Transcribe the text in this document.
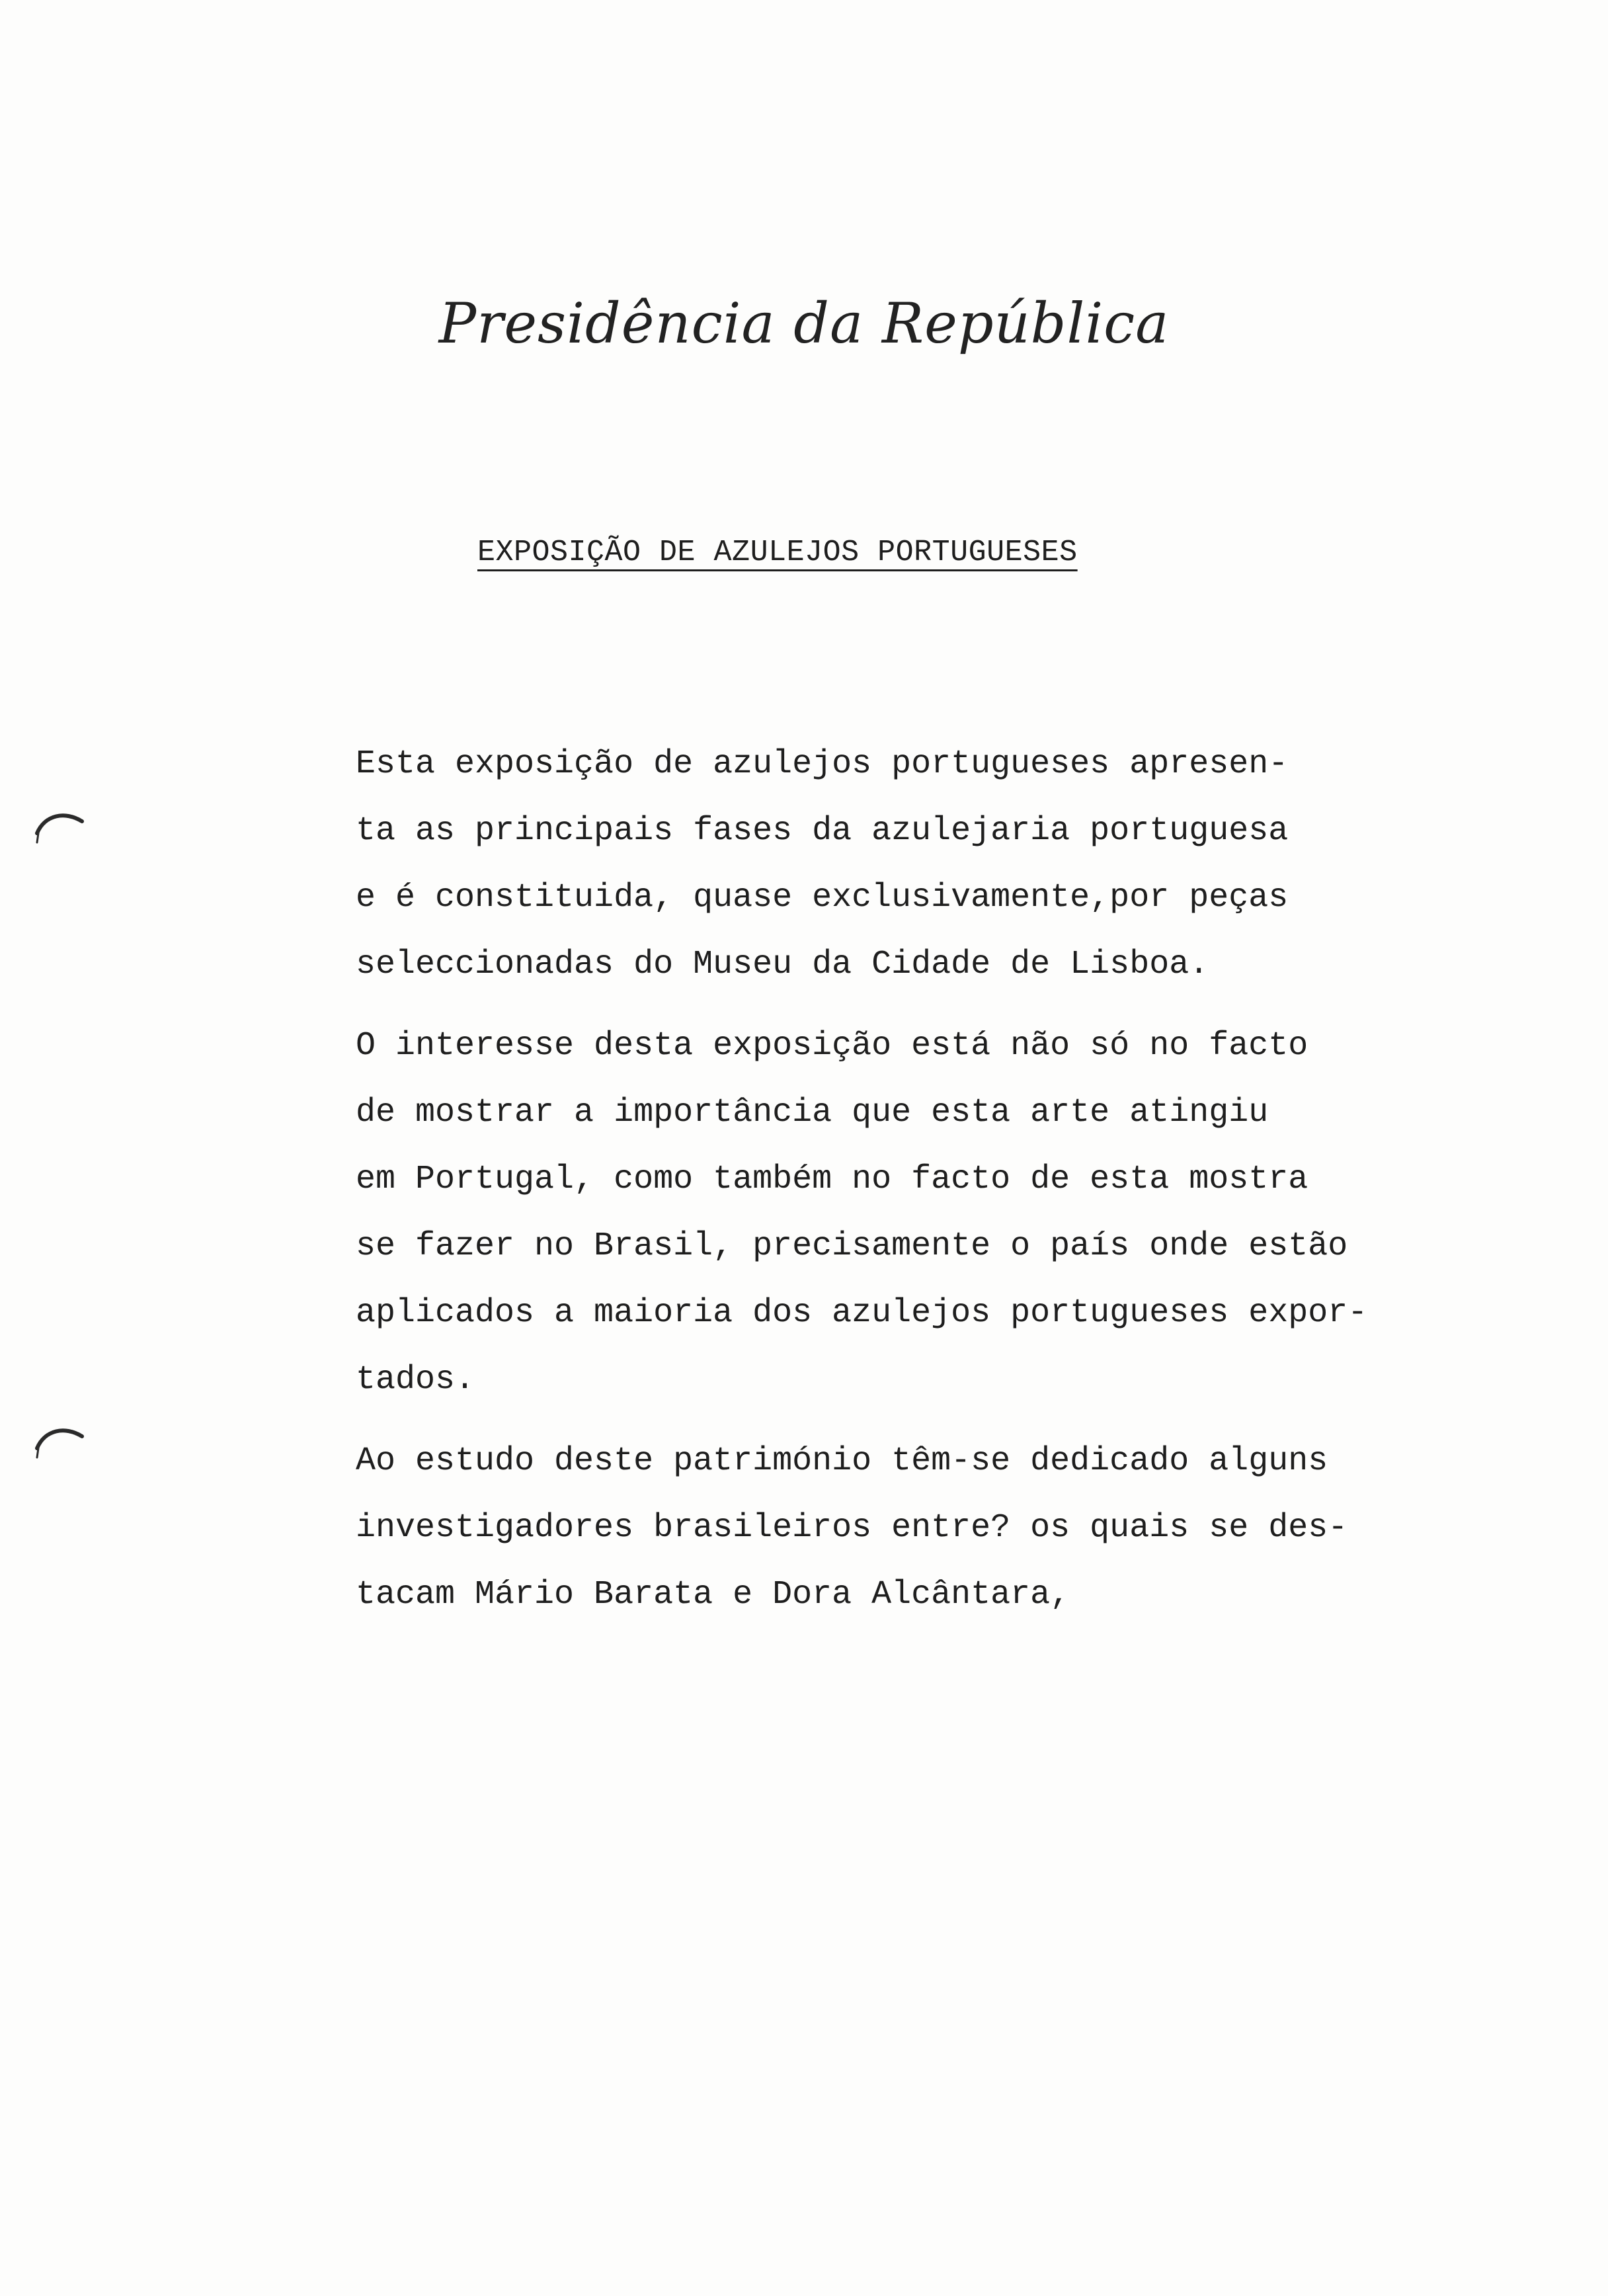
Presidência da República
EXPOSIÇÃO DE AZULEJOS PORTUGUESES
Esta exposição de azulejos portugueses apresen-
ta as principais fases da azulejaria portuguesa
e é constituida, quase exclusivamente,por peças
seleccionadas do Museu da Cidade de Lisboa.
O interesse desta exposição está não só no facto
de mostrar a importância que esta arte atingiu
em Portugal, como também no facto de esta mostra
se fazer no Brasil, precisamente o país onde estão
aplicados a maioria dos azulejos portugueses expor-
tados.
Ao estudo deste património têm-se dedicado alguns
investigadores brasileiros entre? os quais se des-
tacam Mário Barata e Dora Alcântara,
